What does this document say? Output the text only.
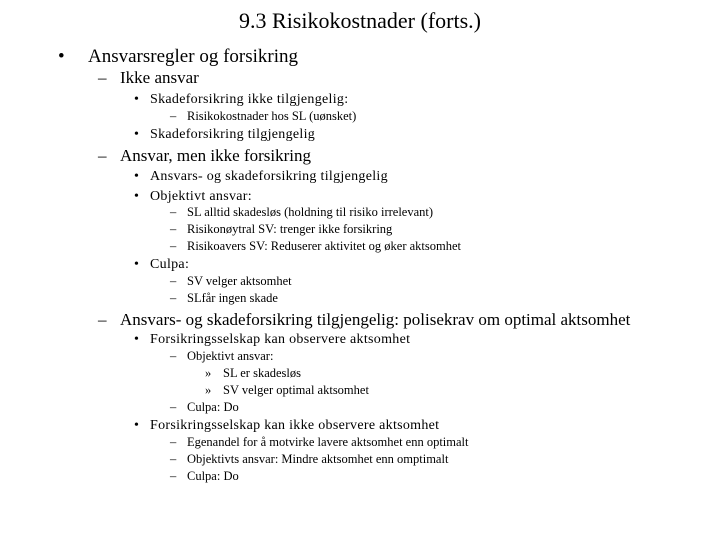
9.3 Risikokostnader (forts.)
• Ansvarsregler og forsikring
– Ikke ansvar
• Skadeforsikring ikke tilgjengelig:
– Risikokostnader hos SL (uønsket)
• Skadeforsikring tilgjengelig
– Ansvar, men ikke forsikring
• Ansvars- og skadeforsikring tilgjengelig
• Objektivt ansvar:
– SL alltid skadesløs (holdning til risiko irrelevant)
– Risikonøytral SV: trenger ikke forsikring
– Risikoavers SV: Reduserer aktivitet og øker aktsomhet
• Culpa:
– SV velger aktsomhet
– SLfår ingen skade
– Ansvars- og skadeforsikring tilgjengelig: polisekrav om optimal aktsomhet
• Forsikringsselskap kan observere aktsomhet
– Objektivt ansvar:
» SL er skadesløs
» SV velger optimal aktsomhet
– Culpa: Do
• Forsikringsselskap kan ikke observere aktsomhet
– Egenandel for å motvirke lavere aktsomhet enn optimalt
– Objektivts ansvar: Mindre aktsomhet enn omptimalt
– Culpa: Do
